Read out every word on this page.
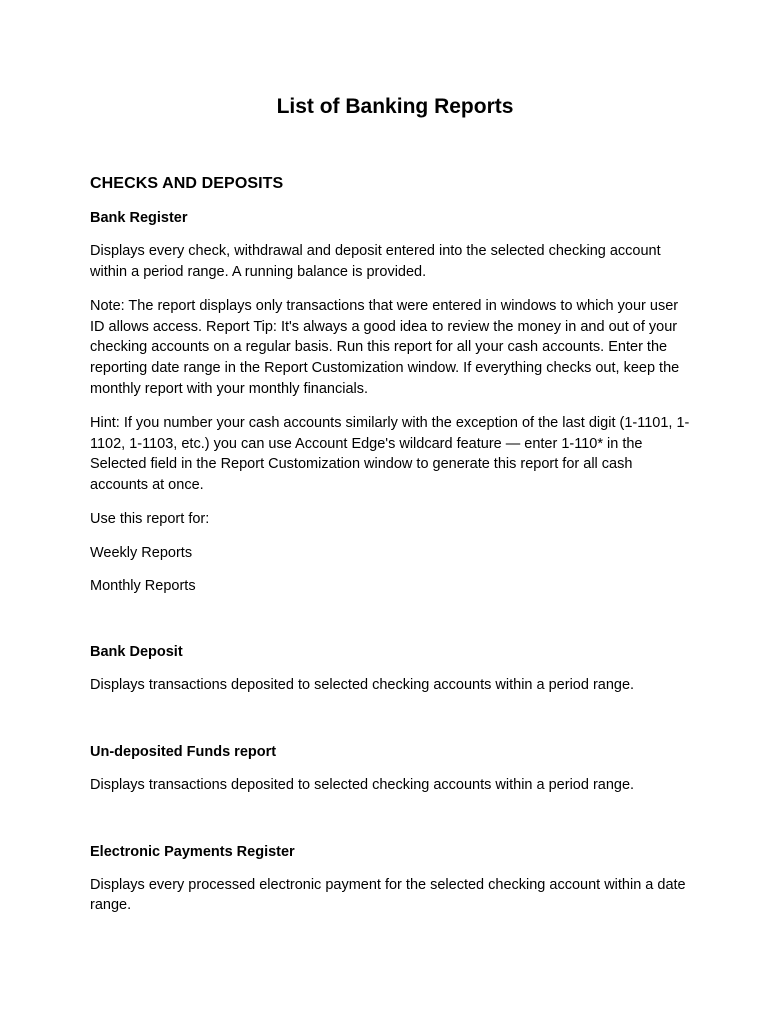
List of Banking Reports
CHECKS AND DEPOSITS

Bank Register

Displays every check, withdrawal and deposit entered into the selected checking account within a period range. A running balance is provided.

Note: The report displays only transactions that were entered in windows to which your user ID allows access. Report Tip: It's always a good idea to review the money in and out of your checking accounts on a regular basis. Run this report for all your cash accounts. Enter the reporting date range in the Report Customization window. If everything checks out, keep the monthly report with your monthly financials.

Hint: If you number your cash accounts similarly with the exception of the last digit (1-1101, 1-1102, 1-1103, etc.) you can use Account Edge's wildcard feature — enter 1-110* in the Selected field in the Report Customization window to generate this report for all cash accounts at once.

Use this report for:

Weekly Reports

Monthly Reports

Bank Deposit

Displays transactions deposited to selected checking accounts within a period range.

Un-deposited Funds report

Displays transactions deposited to selected checking accounts within a period range.

Electronic Payments Register

Displays every processed electronic payment for the selected checking account within a date range.
